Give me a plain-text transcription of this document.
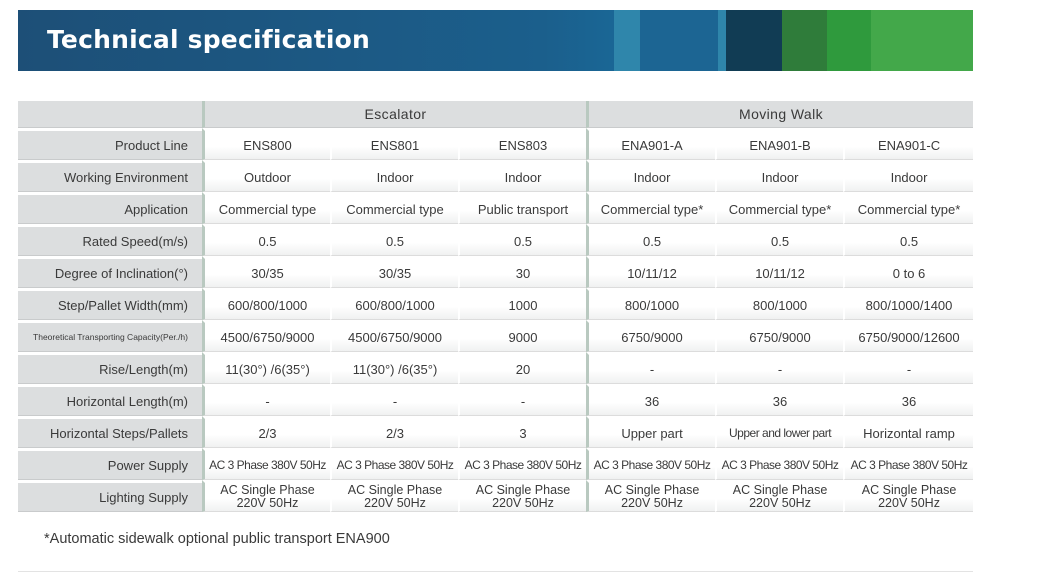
Technical specification
	Escalator			Moving Walk		
Product Line	ENS800	ENS801	ENS803	ENA901-A	ENA901-B	ENA901-C
Working Environment	Outdoor	Indoor	Indoor	Indoor	Indoor	Indoor
Application	Commercial type	Commercial type	Public transport	Commercial type*	Commercial type*	Commercial type*
Rated Speed(m/s)	0.5	0.5	0.5	0.5	0.5	0.5
Degree of Inclination(°)	30/35	30/35	30	10/11/12	10/11/12	0 to 6
Step/Pallet Width(mm)	600/800/1000	600/800/1000	1000	800/1000	800/1000	800/1000/1400
Theoretical Transporting Capacity(Per./h)	4500/6750/9000	4500/6750/9000	9000	6750/9000	6750/9000	6750/9000/12600
Rise/Length(m)	11(30°) /6(35°)	11(30°) /6(35°)	20	-	-	-
Horizontal Length(m)	-	-	-	36	36	36
Horizontal Steps/Pallets	2/3	2/3	3	Upper part	Upper and lower part	Horizontal ramp
Power Supply	AC 3 Phase 380V 50Hz	AC 3 Phase 380V 50Hz	AC 3 Phase 380V 50Hz	AC 3 Phase 380V 50Hz	AC 3 Phase 380V 50Hz	AC 3 Phase 380V 50Hz
Lighting Supply	AC Single Phase 220V 50Hz	AC Single Phase 220V 50Hz	AC Single Phase 220V 50Hz	AC Single Phase 220V 50Hz	AC Single Phase 220V 50Hz	AC Single Phase 220V 50Hz
*Automatic sidewalk optional public transport ENA900
